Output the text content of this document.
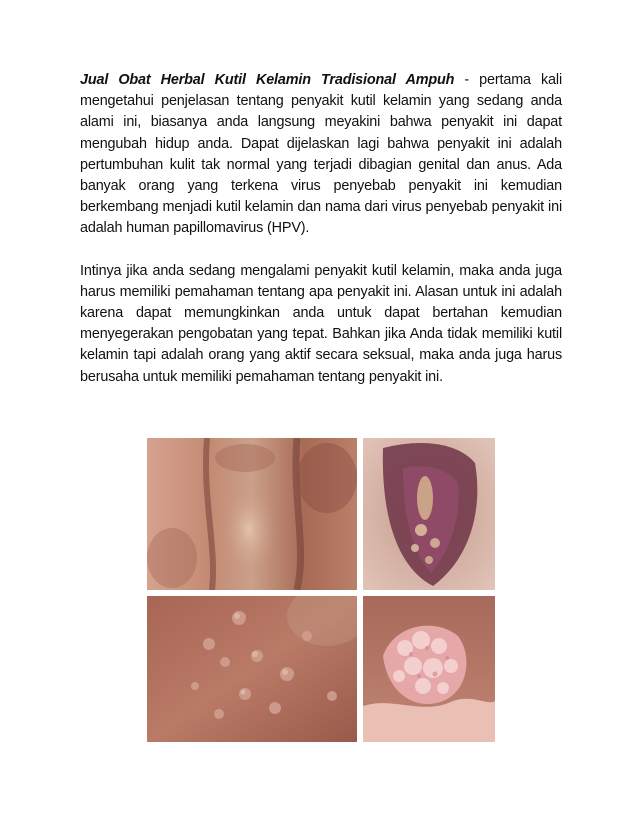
Jual Obat Herbal Kutil Kelamin Tradisional Ampuh - pertama kali mengetahui penjelasan tentang penyakit kutil kelamin yang sedang anda alami ini, biasanya anda langsung meyakini bahwa penyakit ini dapat mengubah hidup anda. Dapat dijelaskan lagi bahwa penyakit ini adalah pertumbuhan kulit tak normal yang terjadi dibagian genital dan anus. Ada banyak orang yang terkena virus penyebab penyakit ini kemudian berkembang menjadi kutil kelamin dan nama dari virus penyebab penyakit ini adalah human papillomavirus (HPV).

Intinya jika anda sedang mengalami penyakit kutil kelamin, maka anda juga harus memiliki pemahaman tentang apa penyakit ini. Alasan untuk ini adalah karena dapat memungkinkan anda untuk dapat bertahan kemudian menyegerakan pengobatan yang tepat. Bahkan jika Anda tidak memiliki kutil kelamin tapi adalah orang yang aktif secara seksual, maka anda juga harus berusaha untuk memiliki pemahaman tentang penyakit ini.
